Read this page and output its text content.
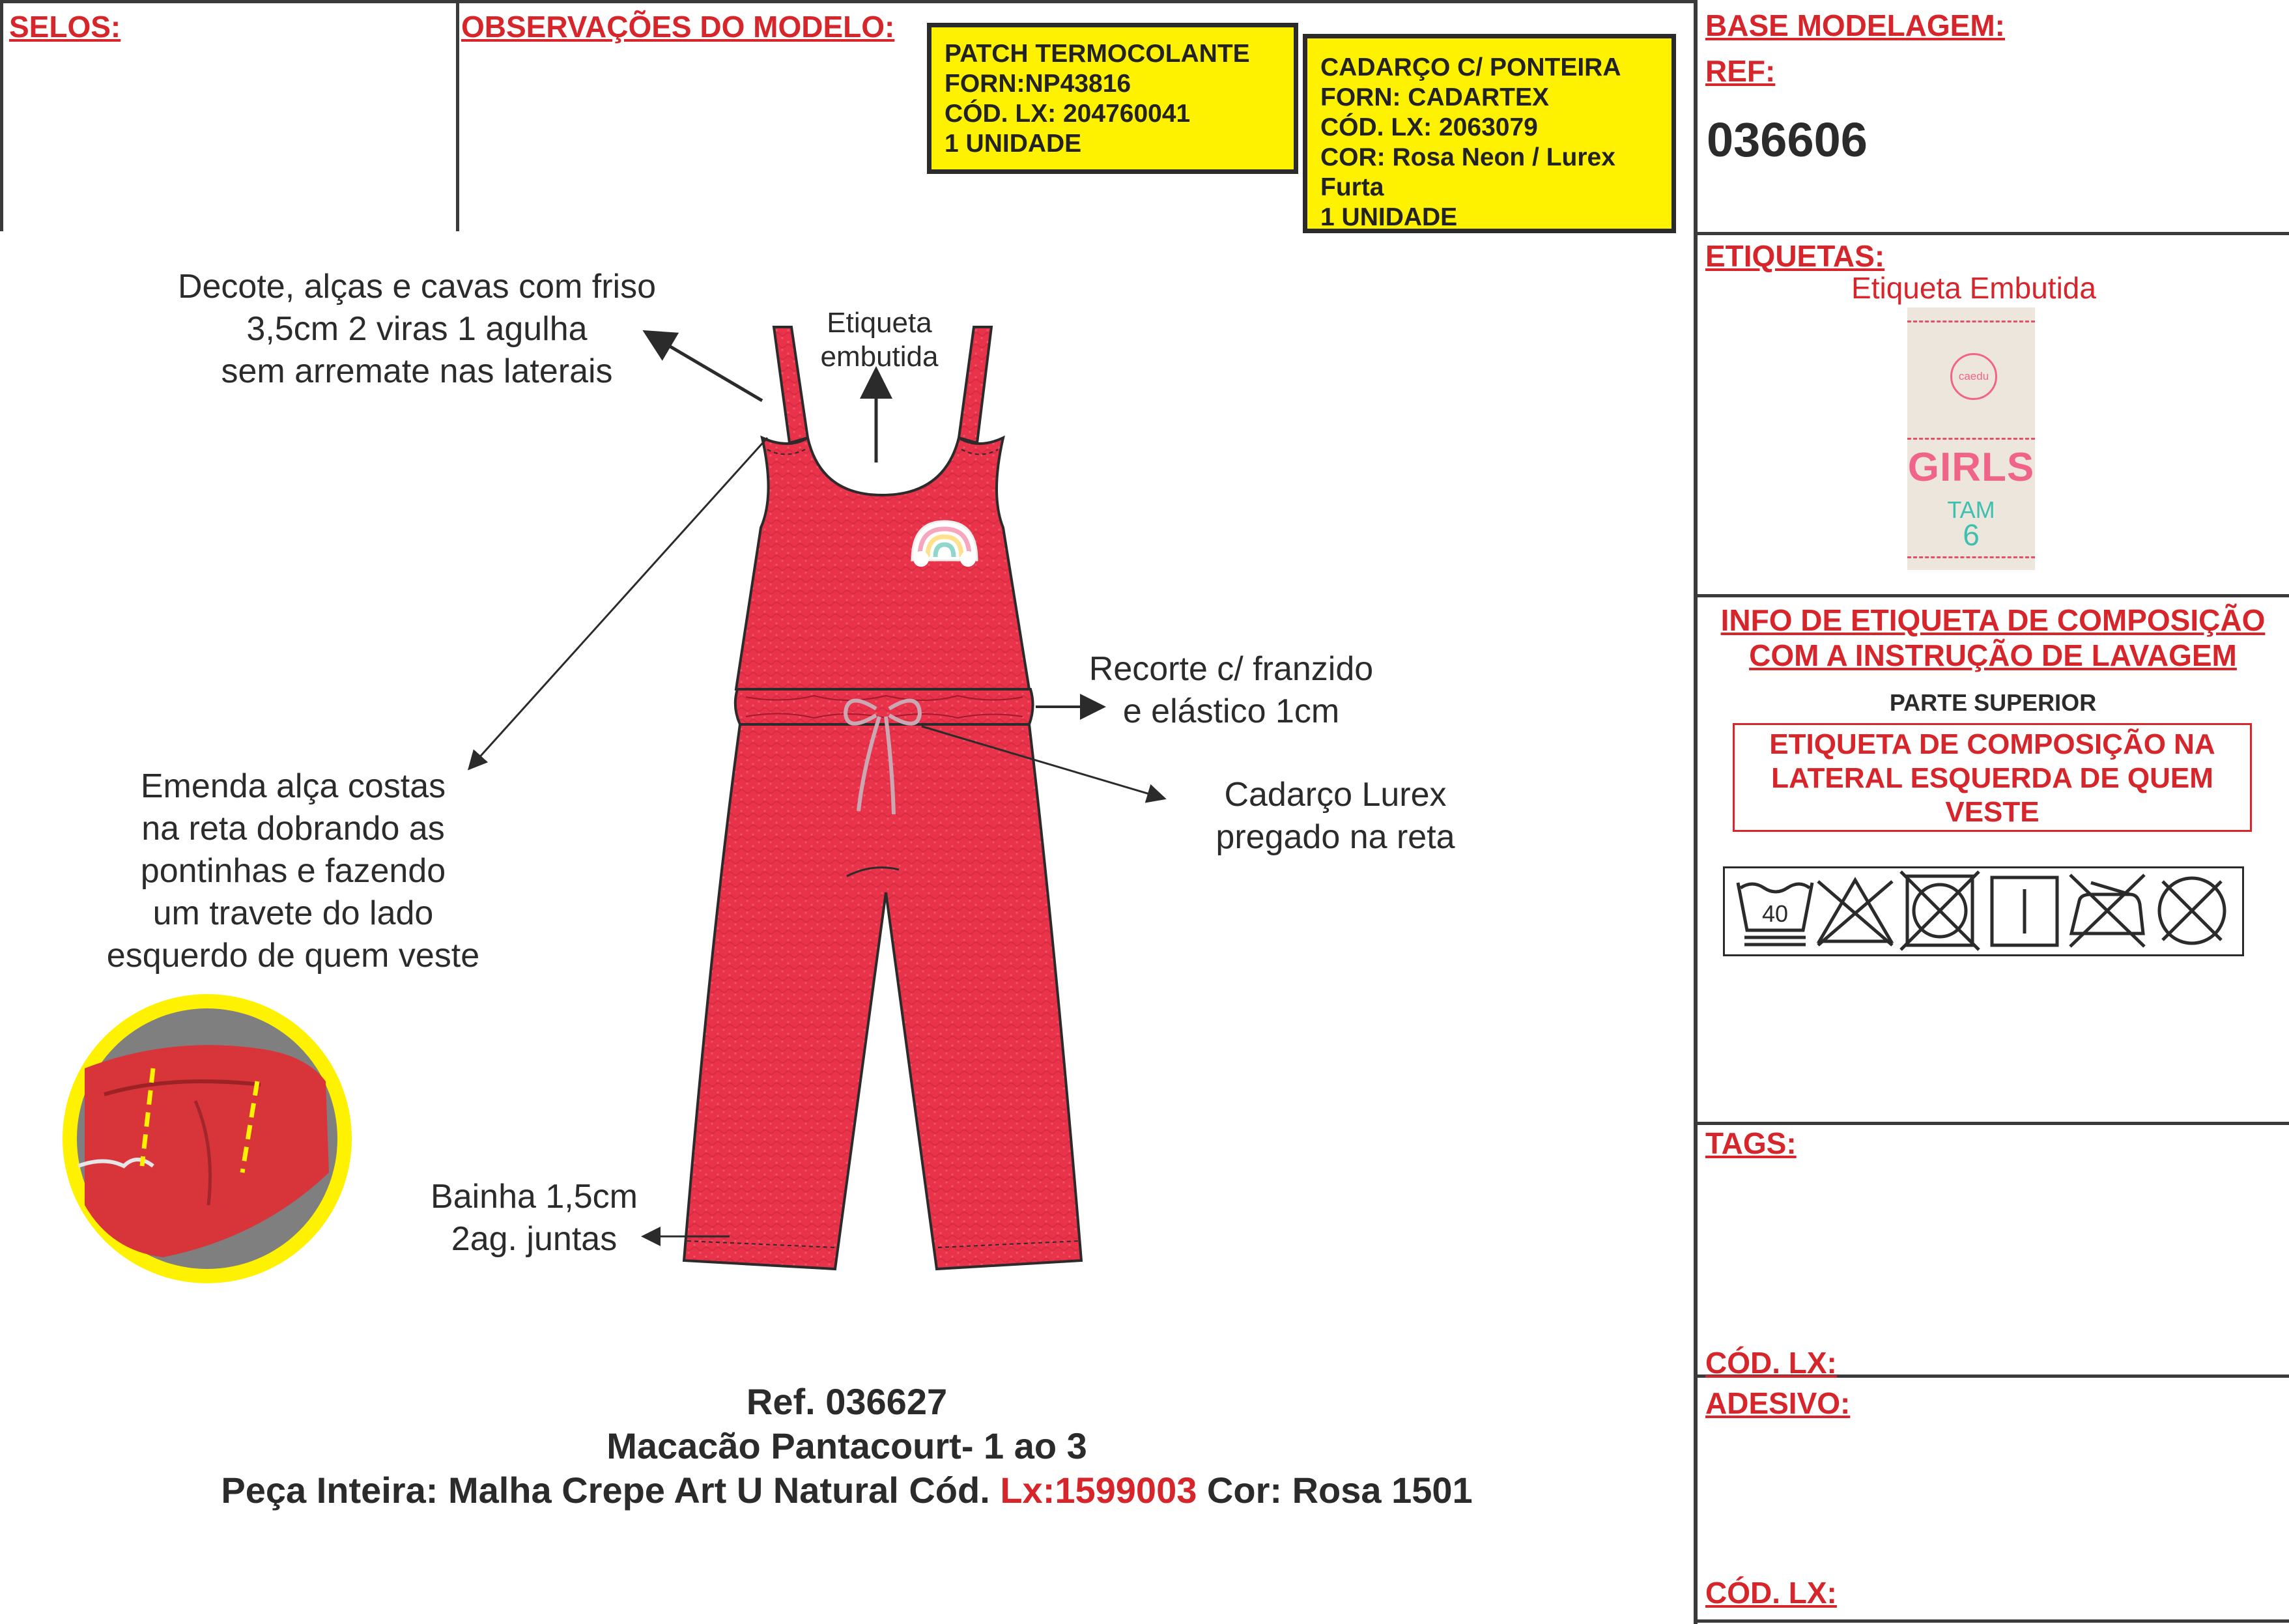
SELOS:	OBSERVAÇÕES DO MODELO:
PATCH TERMOCOLANTE
FORN:NP43816
CÓD. LX: 204760041
1 UNIDADE
CADARÇO C/ PONTEIRA
FORN: CADARTEX
CÓD. LX: 2063079
COR: Rosa Neon / Lurex
Furta
1 UNIDADE
BASE MODELAGEM:
REF:
036606
ETIQUETAS:
Etiqueta Embutida
caedu
GIRLS
TAM
6
INFO DE ETIQUETA DE COMPOSIÇÃO
COM A INSTRUÇÃO DE LAVAGEM
PARTE SUPERIOR
ETIQUETA DE COMPOSIÇÃO NA
LATERAL ESQUERDA DE QUEM
VESTE
40
TAGS:
CÓD. LX:
ADESIVO:
CÓD. LX:
Decote, alças e cavas com friso
3,5cm 2 viras 1 agulha
sem arremate nas laterais
Etiqueta
embutida
Recorte c/ franzido
e elástico 1cm
Cadarço Lurex
pregado na reta
Emenda alça costas
na reta dobrando as
pontinhas e fazendo
um travete do lado
esquerdo de quem veste
Bainha 1,5cm
2ag. juntas
Ref. 036627
Macacão Pantacourt- 1 ao 3
Peça Inteira: Malha Crepe Art U Natural Cód. Lx:1599003 Cor: Rosa 1501
